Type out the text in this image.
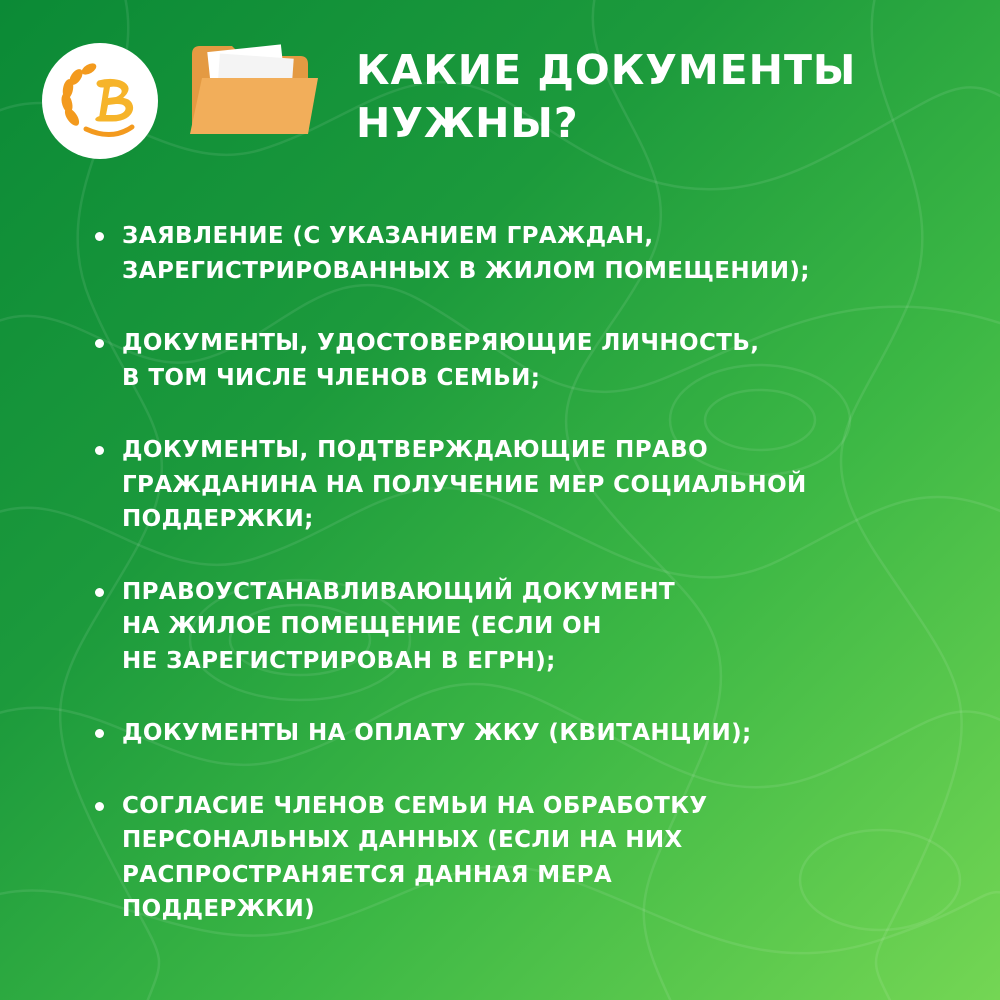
КАКИЕ ДОКУМЕНТЫ
НУЖНЫ?
ЗАЯВЛЕНИЕ (С УКАЗАНИЕМ ГРАЖДАН,
ЗАРЕГИСТРИРОВАННЫХ В ЖИЛОМ ПОМЕЩЕНИИ);
ДОКУМЕНТЫ, УДОСТОВЕРЯЮЩИЕ ЛИЧНОСТЬ,
В ТОМ ЧИСЛЕ ЧЛЕНОВ СЕМЬИ;
ДОКУМЕНТЫ, ПОДТВЕРЖДАЮЩИЕ ПРАВО
ГРАЖДАНИНА НА ПОЛУЧЕНИЕ МЕР СОЦИАЛЬНОЙ
ПОДДЕРЖКИ;
ПРАВОУСТАНАВЛИВАЮЩИЙ ДОКУМЕНТ
НА ЖИЛОЕ ПОМЕЩЕНИЕ (ЕСЛИ ОН
НЕ ЗАРЕГИСТРИРОВАН В ЕГРН);
ДОКУМЕНТЫ НА ОПЛАТУ ЖКУ (КВИТАНЦИИ);
СОГЛАСИЕ ЧЛЕНОВ СЕМЬИ НА ОБРАБОТКУ
ПЕРСОНАЛЬНЫХ ДАННЫХ (ЕСЛИ НА НИХ
РАСПРОСТРАНЯЕТСЯ ДАННАЯ МЕРА
ПОДДЕРЖКИ)
